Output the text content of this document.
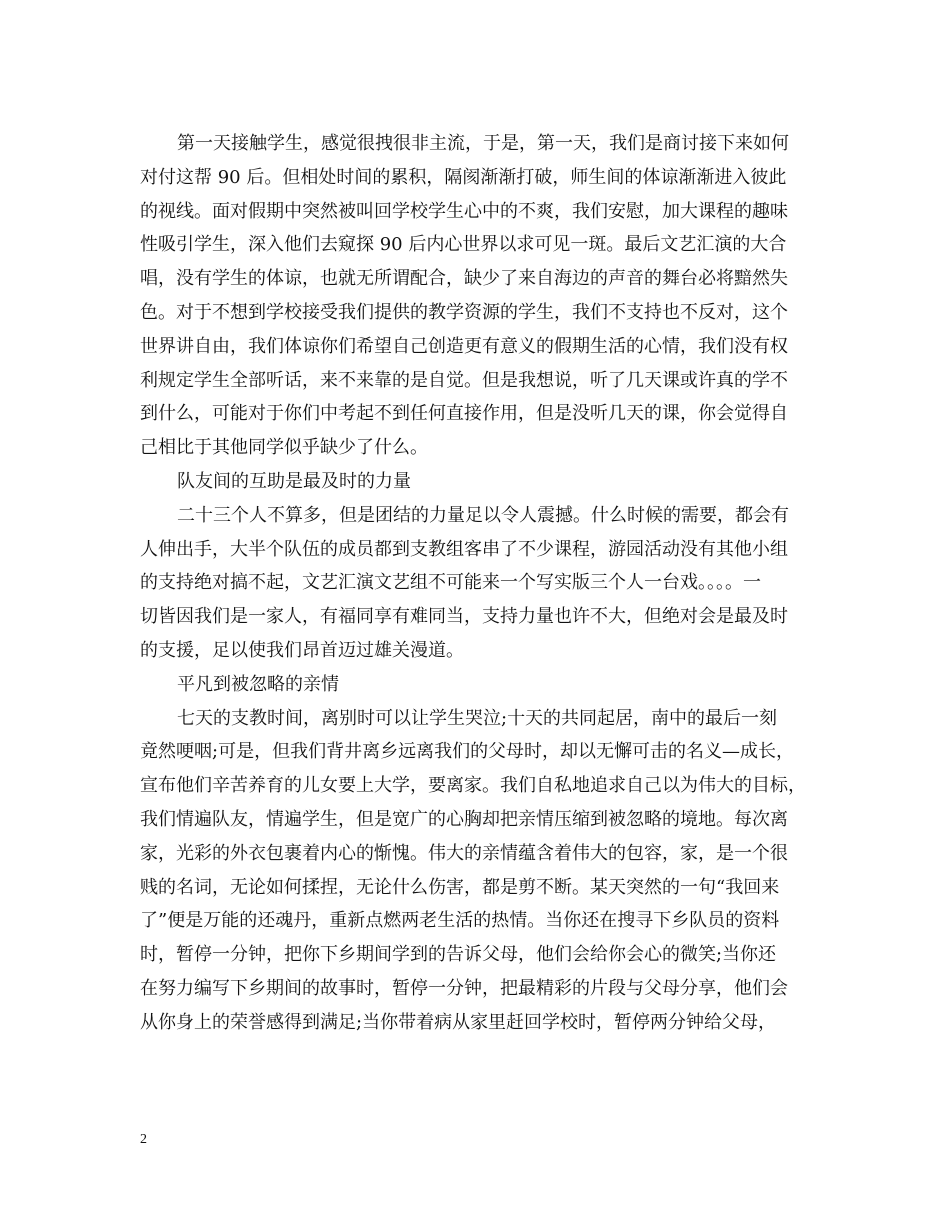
第一天接触学生，感觉很拽很非主流，于是，第一天，我们是商讨接下来如何
对付这帮 90 后。但相处时间的累积，隔阂渐渐打破，师生间的体谅渐渐进入彼此
的视线。面对假期中突然被叫回学校学生心中的不爽，我们安慰，加大课程的趣味
性吸引学生，深入他们去窥探 90 后内心世界以求可见一斑。最后文艺汇演的大合
唱，没有学生的体谅，也就无所谓配合，缺少了来自海边的声音的舞台必将黯然失
色。对于不想到学校接受我们提供的教学资源的学生，我们不支持也不反对，这个
世界讲自由，我们体谅你们希望自己创造更有意义的假期生活的心情，我们没有权
利规定学生全部听话，来不来靠的是自觉。但是我想说，听了几天课或许真的学不
到什么，可能对于你们中考起不到任何直接作用，但是没听几天的课，你会觉得自
己相比于其他同学似乎缺少了什么。
队友间的互助是最及时的力量
二十三个人不算多，但是团结的力量足以令人震撼。什么时候的需要，都会有
人伸出手，大半个队伍的成员都到支教组客串了不少课程，游园活动没有其他小组
的支持绝对搞不起，文艺汇演文艺组不可能来一个写实版三个人一台戏。。。。一
切皆因我们是一家人，有福同享有难同当，支持力量也许不大，但绝对会是最及时
的支援，足以使我们昂首迈过雄关漫道。
平凡到被忽略的亲情
七天的支教时间，离别时可以让学生哭泣;十天的共同起居，南中的最后一刻
竟然哽咽;可是，但我们背井离乡远离我们的父母时，却以无懈可击的名义—成长，
宣布他们辛苦养育的儿女要上大学，要离家。我们自私地追求自己以为伟大的目标，
我们情遍队友，情遍学生，但是宽广的心胸却把亲情压缩到被忽略的境地。每次离
家，光彩的外衣包裹着内心的惭愧。伟大的亲情蕴含着伟大的包容，家，是一个很
贱的名词，无论如何揉捏，无论什么伤害，都是剪不断。某天突然的一句“我回来
了”便是万能的还魂丹，重新点燃两老生活的热情。当你还在搜寻下乡队员的资料
时，暂停一分钟，把你下乡期间学到的告诉父母，他们会给你会心的微笑;当你还
在努力编写下乡期间的故事时，暂停一分钟，把最精彩的片段与父母分享，他们会
从你身上的荣誉感得到满足;当你带着病从家里赶回学校时，暂停两分钟给父母，
2
